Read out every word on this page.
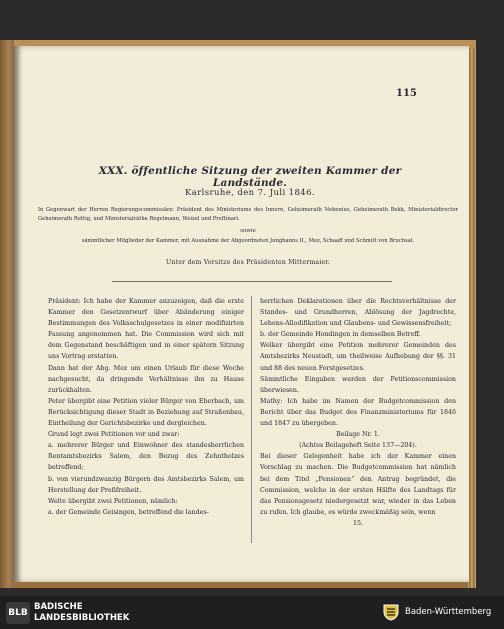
115
XXX. öffentliche Sitzung der zweiten Kammer der Landstände.
Karlsruhe, den 7. Juli 1846.
In Gegenwart der Herren Regierungscommissäre: Präsident des Ministeriums des Innern, Geheimerath Nebenius, Geheimerath Bekk, Ministerialdirector Geheimerath Rettig, und Ministerialräthe Regelmann, Weizel und Preftinari.
sowie
sämmtlicher Mitglieder der Kammer, mit Ausnahme der Abgeordneten Junghanns II., Mez, Schaaff und Schmitt von Bruchsal.
Unter dem Vorsitze des Präsidenten Mittermaier.

Präsident: Ich habe der Kammer anzuzeigen, daß die erste Kammer den Gesetzentwurf über Abänderung einiger Bestimmungen des Volksschulgesetzes in einer modifizirten Fassung angenommen hat. Die Commission wird sich mit dem Gegenstand beschäftigen und in einer spätern Sitzung uns Vortrag erstatten.

Dann hat der Abg. Mez um einen Urlaub für diese Woche nachgesucht, da dringende Verhältnisse ihn zu Hause zurückhalten.

Peter übergibt eine Petition vieler Bürger von Eberbach, um Berücksichtigung dieser Stadt in Beziehung auf Straßenbau, Eintheilung der Gerichtsbezirke und dergleichen.

Grund legt zwei Petitionen vor und zwar:

a. mehrerer Bürger und Einwohner des standesherrlichen Rentamtsbezirks Salem, den Bezug des Zehntholzes betreffend;

b. von vierundzwanzig Bürgern des Amtsbezirks Salem, um Herstellung der Preßfreiheit.

Welte übergibt zwei Petitionen, nämlich:

a. der Gemeinde Geisingen, betreffend die landes-

herrlichen Deklarationen über die Rechtsverhältnisse der Standes- und Grundherren, Ablösung der Jagdrechte, Lehens-Allodifikation und Glaubens- und Gewissensfreiheit;

b. der Gemeinde Hondingen in demselben Betreff.

Welker übergibt eine Petition mehrerer Gemeinden des Amtsbezirks Neustadt, um theilweise Aufhebung der §§. 31 und 88 des neuen Forstgesetzes.

Sämmtliche Eingaben werden der Petitionscommission überwiesen.

Mathy: Ich habe im Namen der Budgetcommission den Bericht über das Budget des Finanzministeriums für 1846 und 1847 zu übergeben.

Beilage Nr. 1.

(Achtes Beilageheft Seite 137—204).

Bei dieser Gelegenheit habe ich der Kammer einen Vorschlag zu machen. Die Budgetcommission hat nämlich bei dem Titel „Pensionen“ den Antrag begründet, die Commission, welche in der ersten Hälfte des Landtags für das Pensionsgesetz niedergesetzt war, wieder in das Leben zu rufen. Ich glaube, es würde zweckmäßig sein, wenn

15.

BLB
BADISCHE
LANDESBIBLIOTHEK
Baden-Württemberg
